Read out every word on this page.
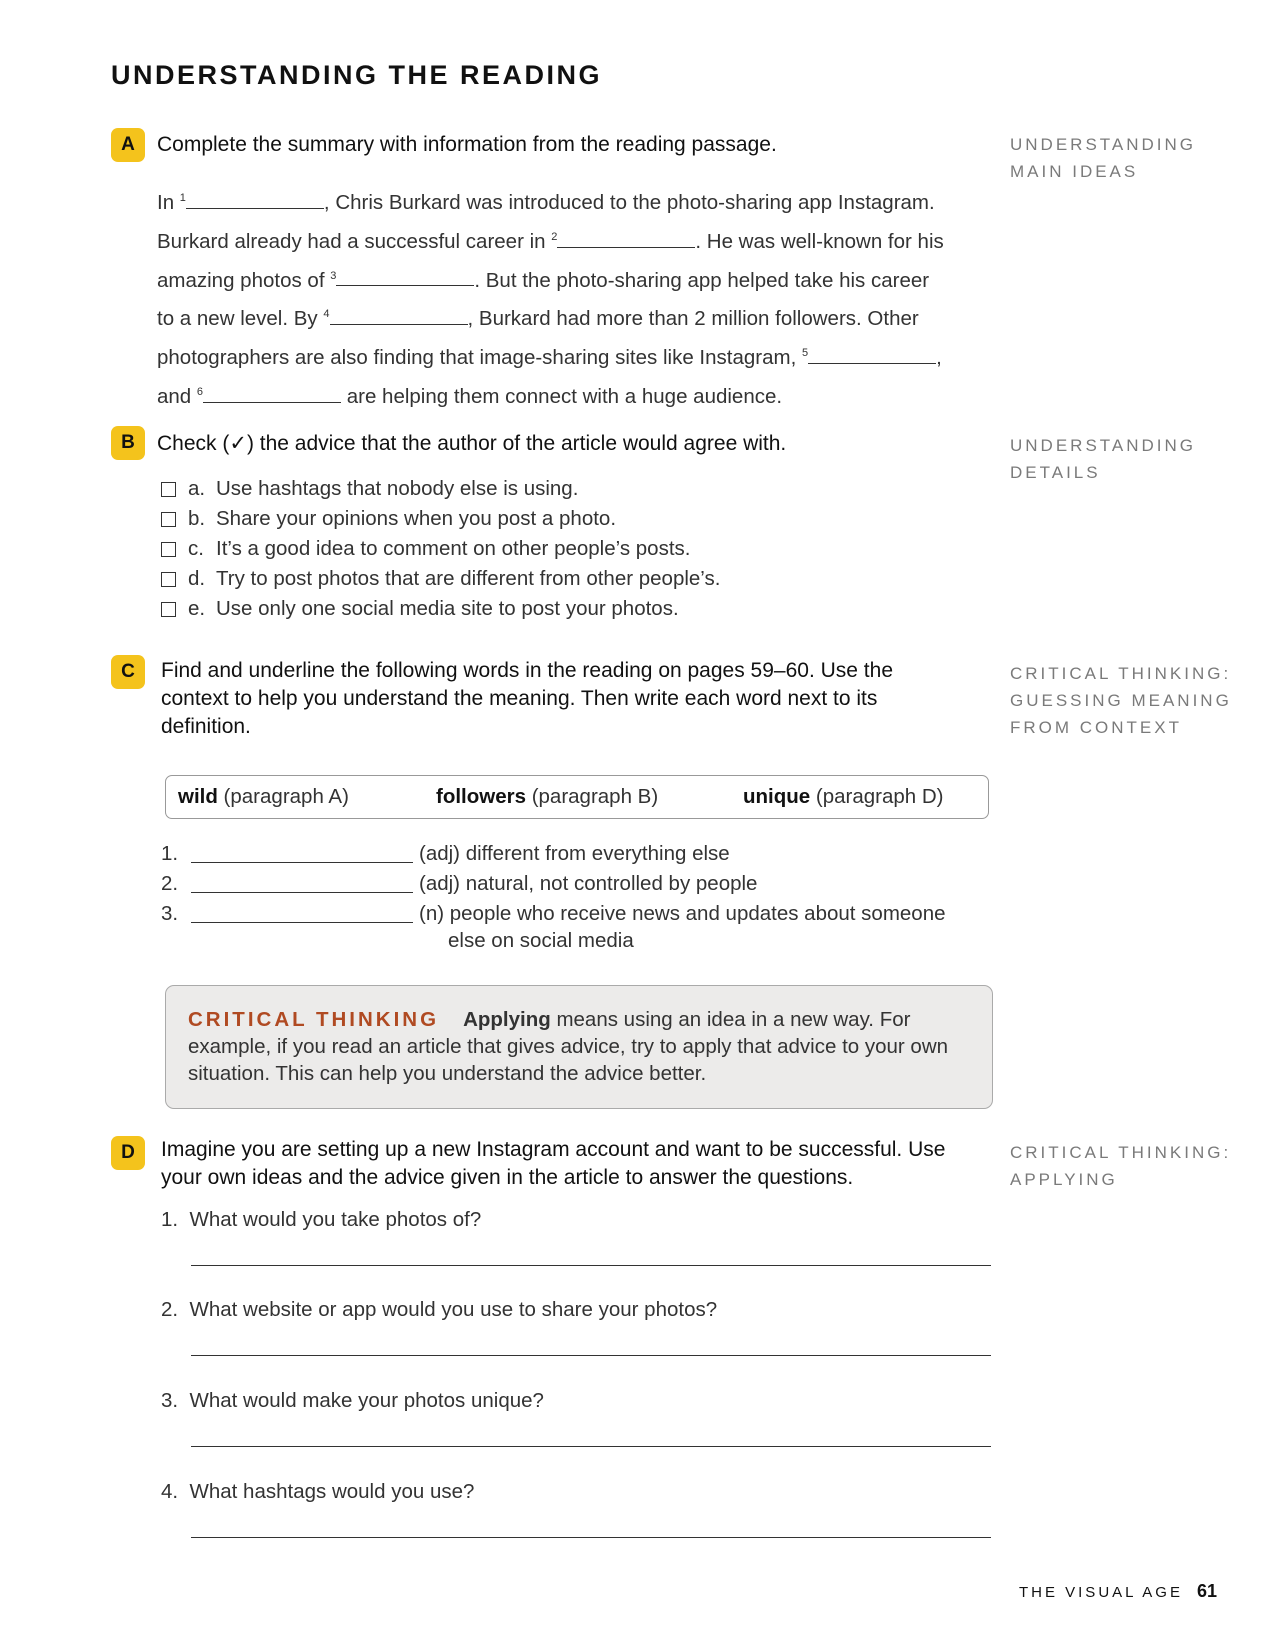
UNDERSTANDING THE READING
A	Complete the summary with information from the reading passage.	UNDERSTANDING
MAIN IDEAS
In $^1$	, Chris Burkard was introduced to the photo-sharing app Instagram.
Burkard already had a successful career in $^2$	. He was well-known for his
amazing photos of $^3$	. But the photo-sharing app helped take his career
to a new level. By $^4$	, Burkard had more than 2 million followers. Other
photographers are also finding that image-sharing sites like Instagram, $^5$	,
and $^6$	are helping them connect with a huge audience.
B	Check (✓) the advice that the author of the article would agree with.	UNDERSTANDING
DETAILS
a. Use hashtags that nobody else is using.
b. Share your opinions when you post a photo.
c. It’s a good idea to comment on other people’s posts.
d. Try to post photos that are different from other people’s.
e. Use only one social media site to post your photos.
C	Find and underline the following words in the reading on pages 59–60. Use the
context to help you understand the meaning. Then write each word next to its
definition.
CRITICAL THINKING:
GUESSING MEANING
FROM CONTEXT
wild (paragraph A)	followers (paragraph B)	unique (paragraph D)
1.	(adj) different from everything else
2.	(adj) natural, not controlled by people
3.	(n) people who receive news and updates about someone
else on social media
CRITICAL THINKING Applying means using an idea in a new way. For
example, if you read an article that gives advice, try to apply that advice to your own
situation. This can help you understand the advice better.
D	Imagine you are setting up a new Instagram account and want to be successful. Use
your own ideas and the advice given in the article to answer the questions.
CRITICAL THINKING:
APPLYING
1. What would you take photos of?
2. What website or app would you use to share your photos?
3. What would make your photos unique?
4. What hashtags would you use?
THE VISUAL AGE 61
